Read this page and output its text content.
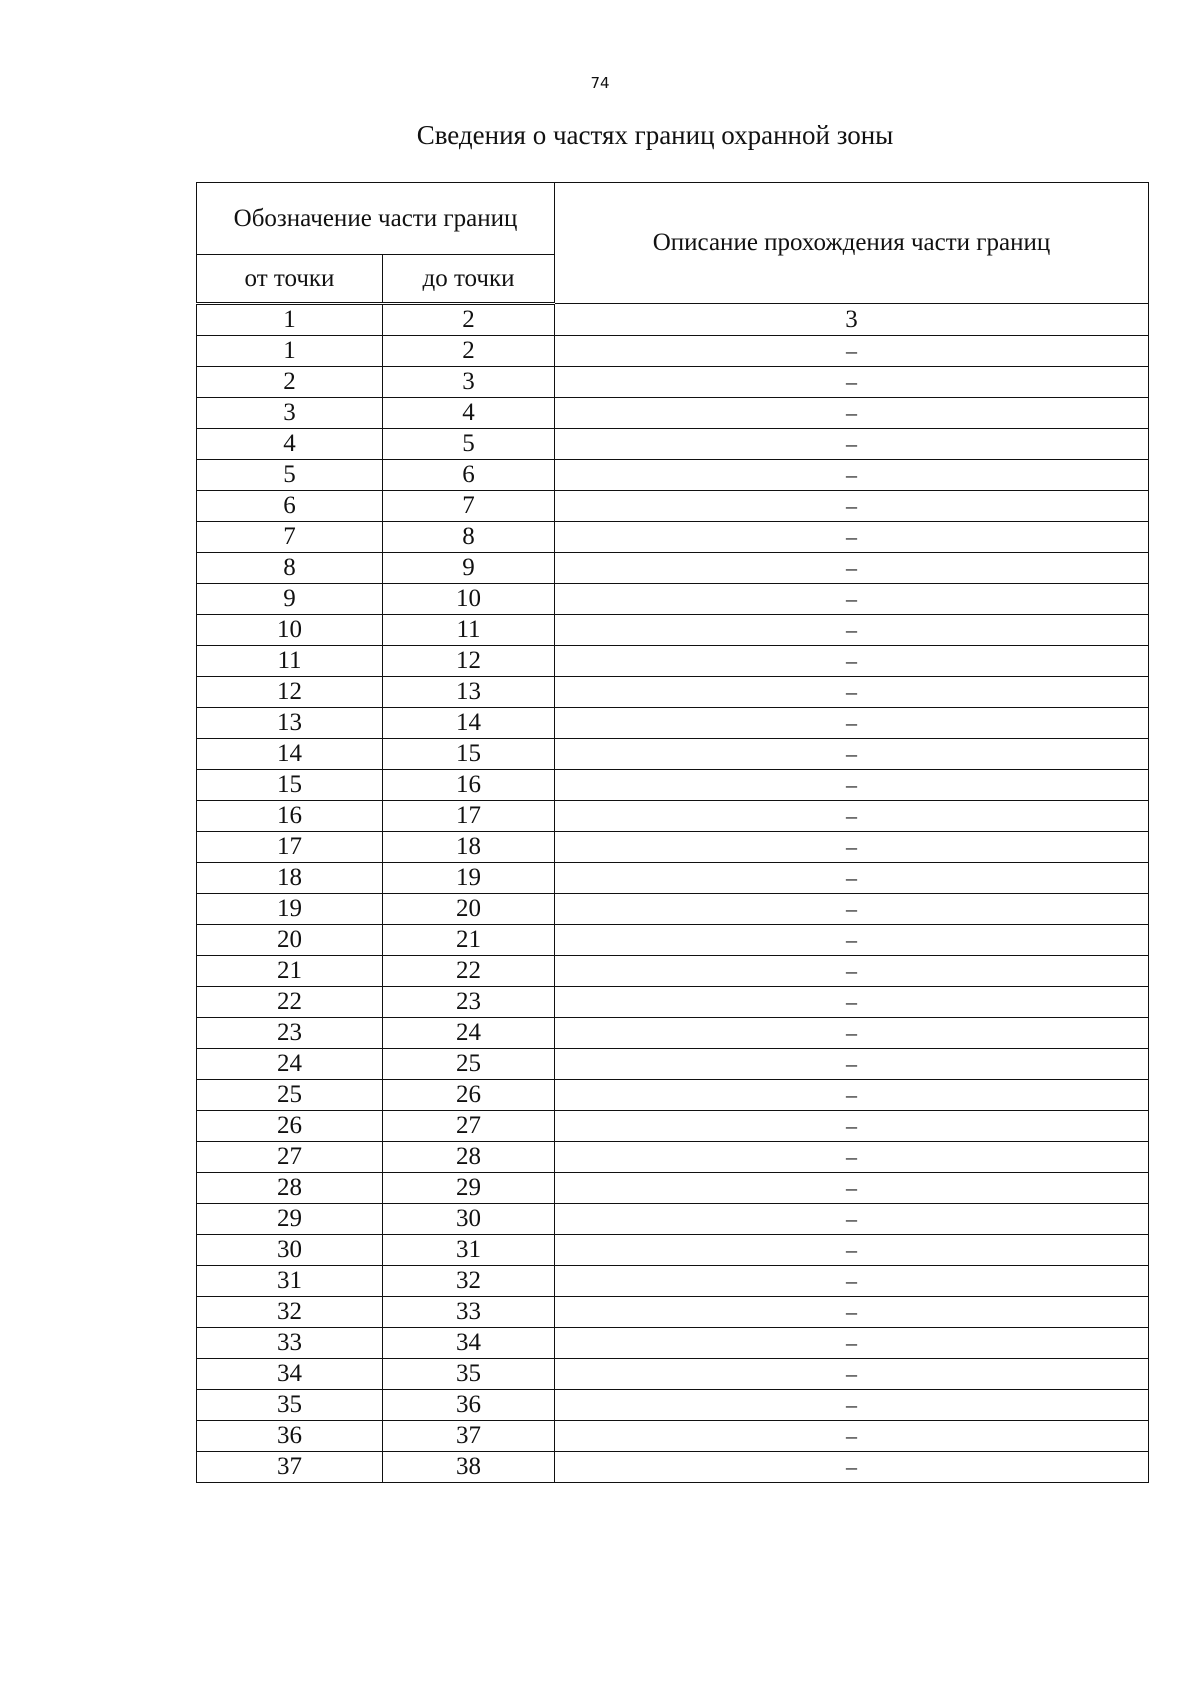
74
Сведения о частях границ охранной зоны
Обозначение части границ		Описание прохождения части границ
от точки	до точки	
1	2	3
1	2	–
2	3	–
3	4	–
4	5	–
5	6	–
6	7	–
7	8	–
8	9	–
9	10	–
10	11	–
11	12	–
12	13	–
13	14	–
14	15	–
15	16	–
16	17	–
17	18	–
18	19	–
19	20	–
20	21	–
21	22	–
22	23	–
23	24	–
24	25	–
25	26	–
26	27	–
27	28	–
28	29	–
29	30	–
30	31	–
31	32	–
32	33	–
33	34	–
34	35	–
35	36	–
36	37	–
37	38	–
